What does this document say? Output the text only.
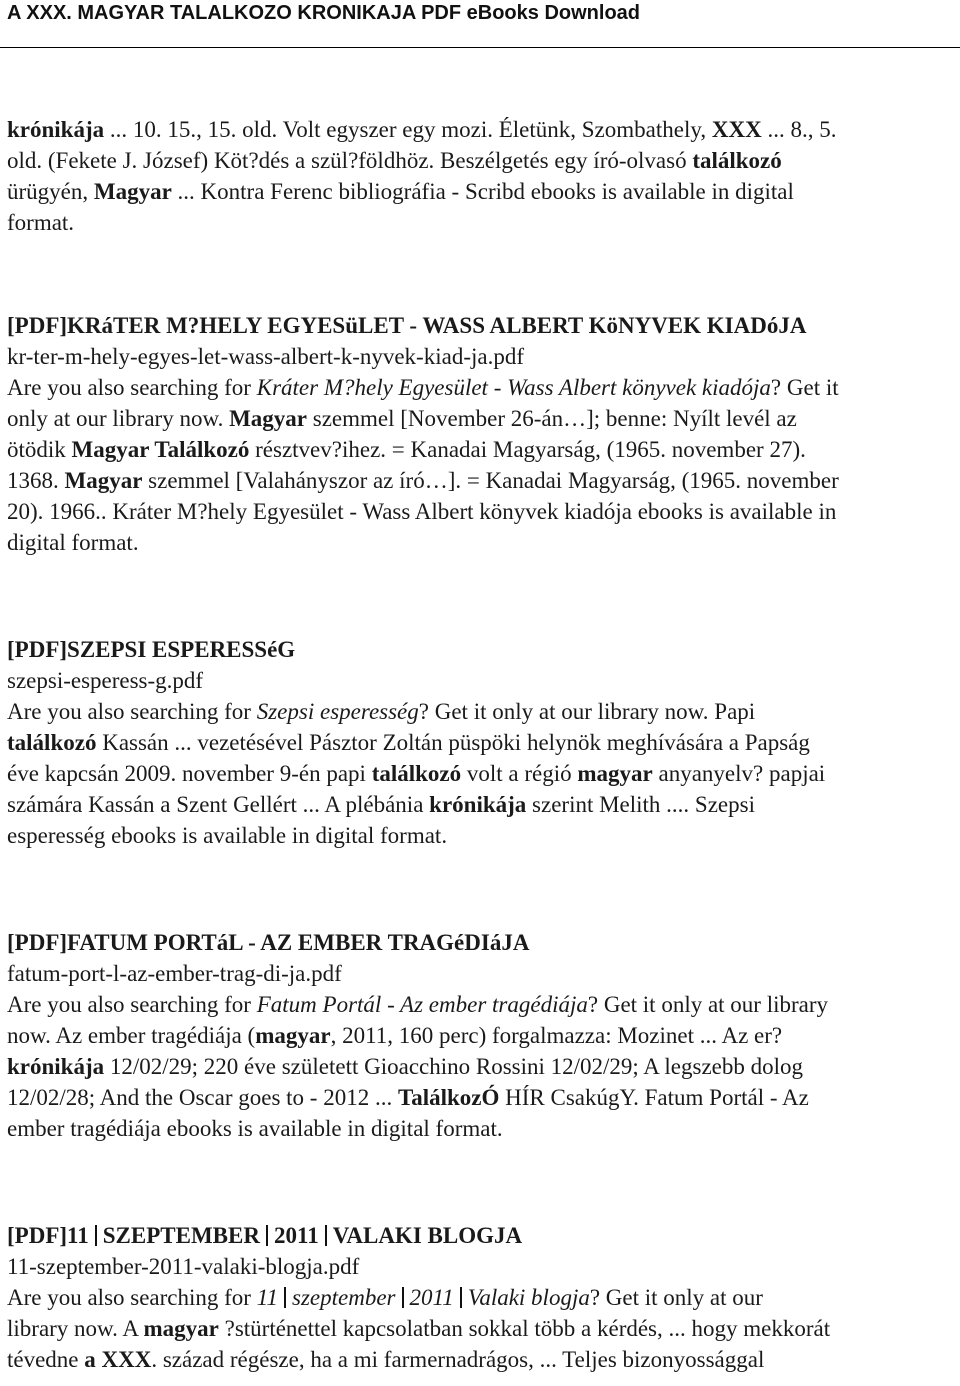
A XXX. MAGYAR TALALKOZO KRONIKAJA PDF eBooks Download
krónikája ... 10. 15., 15. old. Volt egyszer egy mozi. Életünk, Szombathely, XXX ... 8., 5.
old. (Fekete J. József) Köt?dés a szül?földhöz. Beszélgetés egy író-olvasó találkozó
ürügyén, Magyar ... Kontra Ferenc bibliográfia - Scribd ebooks is available in digital
format.
[PDF]KRáTER M?HELY EGYESüLET - WASS ALBERT KöNYVEK KIADóJA
kr-ter-m-hely-egyes-let-wass-albert-k-nyvek-kiad-ja.pdf
Are you also searching for Kráter M?hely Egyesület - Wass Albert könyvek kiadója? Get it
only at our library now. Magyar szemmel [November 26-án…]; benne: Nyílt levél az
ötödik Magyar Találkozó résztvev?ihez. = Kanadai Magyarság, (1965. november 27).
1368. Magyar szemmel [Valahányszor az író…]. = Kanadai Magyarság, (1965. november
20). 1966.. Kráter M?hely Egyesület - Wass Albert könyvek kiadója ebooks is available in
digital format.
[PDF]SZEPSI ESPERESSéG
szepsi-esperess-g.pdf
Are you also searching for Szepsi esperesség? Get it only at our library now. Papi
találkozó Kassán ... vezetésével Pásztor Zoltán püspöki helynök meghívására a Papság
éve kapcsán 2009. november 9-én papi találkozó volt a régió magyar anyanyelv? papjai
számára Kassán a Szent Gellért ... A plébánia krónikája szerint Melith .... Szepsi
esperesség ebooks is available in digital format.
[PDF]FATUM PORTáL - AZ EMBER TRAGéDIáJA
fatum-port-l-az-ember-trag-di-ja.pdf
Are you also searching for Fatum Portál - Az ember tragédiája? Get it only at our library
now. Az ember tragédiája (magyar, 2011, 160 perc) forgalmazza: Mozinet ... Az er?
krónikája 12/02/29; 220 éve született Gioacchino Rossini 12/02/29; A legszebb dolog
12/02/28; And the Oscar goes to - 2012 ... TalálkozÓ HÍR CsakúgY. Fatum Portál - Az
ember tragédiája ebooks is available in digital format.
[PDF]11 SZEPTEMBER 2011 VALAKI BLOGJA
11-szeptember-2011-valaki-blogja.pdf
Are you also searching for 11 szeptember 2011 Valaki blogja? Get it only at our
library now. A magyar ?stürténettel kapcsolatban sokkal több a kérdés, ... hogy mekkorát
tévedne a XXX. század régésze, ha a mi farmernadrágos, ... Teljes bizonyossággal
